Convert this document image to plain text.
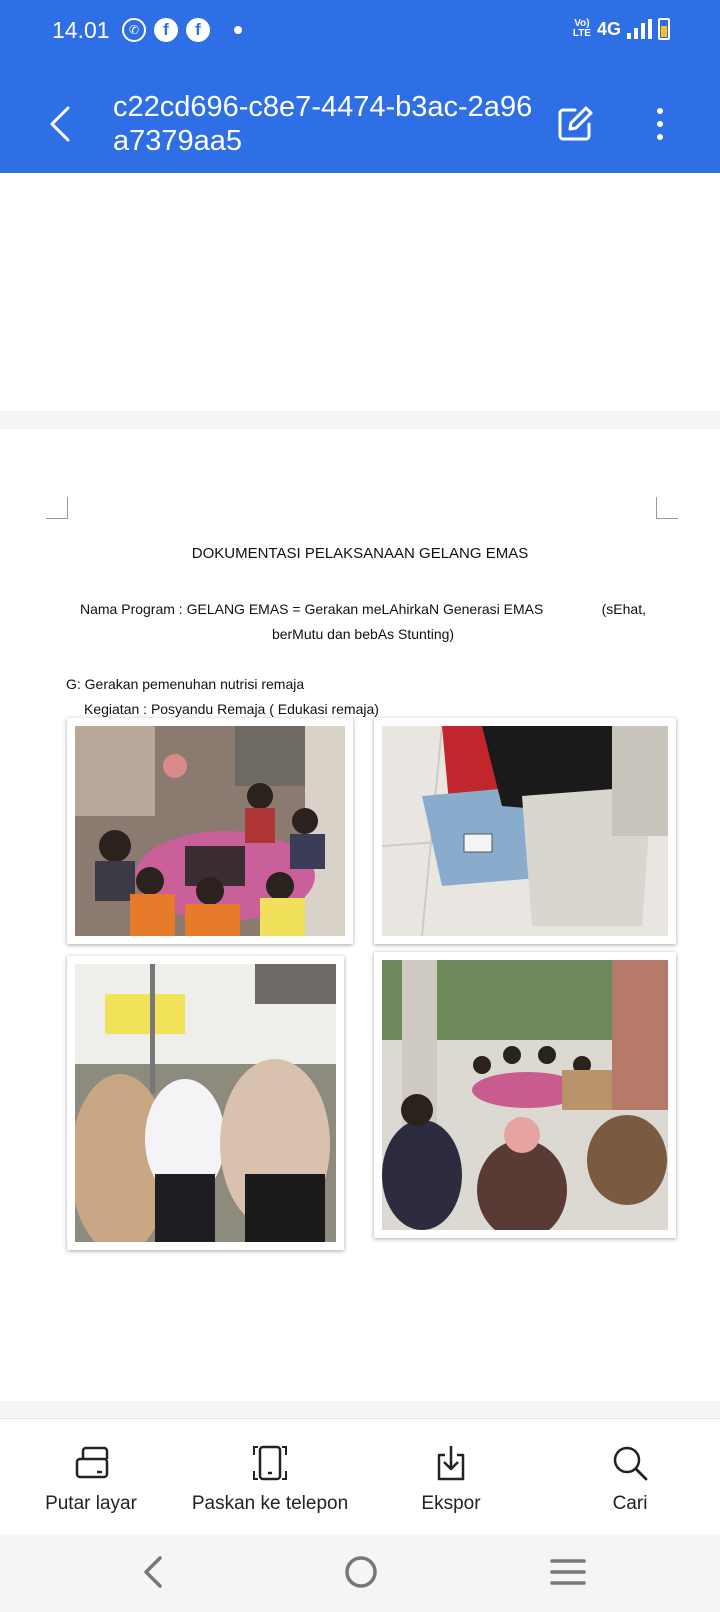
14.01	✆	f	f	Vo)
LTE 4G
c22cd696-c8e7-4474-b3ac-2a96a7379aa5
DOKUMENTASI PELAKSANAAN GELANG EMAS
Nama Program : GELANG EMAS = Gerakan meLAhirkaN Generasi EMAS	(sEhat,
berMutu dan bebAs Stunting)
G: Gerakan pemenuhan nutrisi remaja
Kegiatan : Posyandu Remaja ( Edukasi remaja)
Putar layar	Paskan ke telepon	Ekspor	Cari
